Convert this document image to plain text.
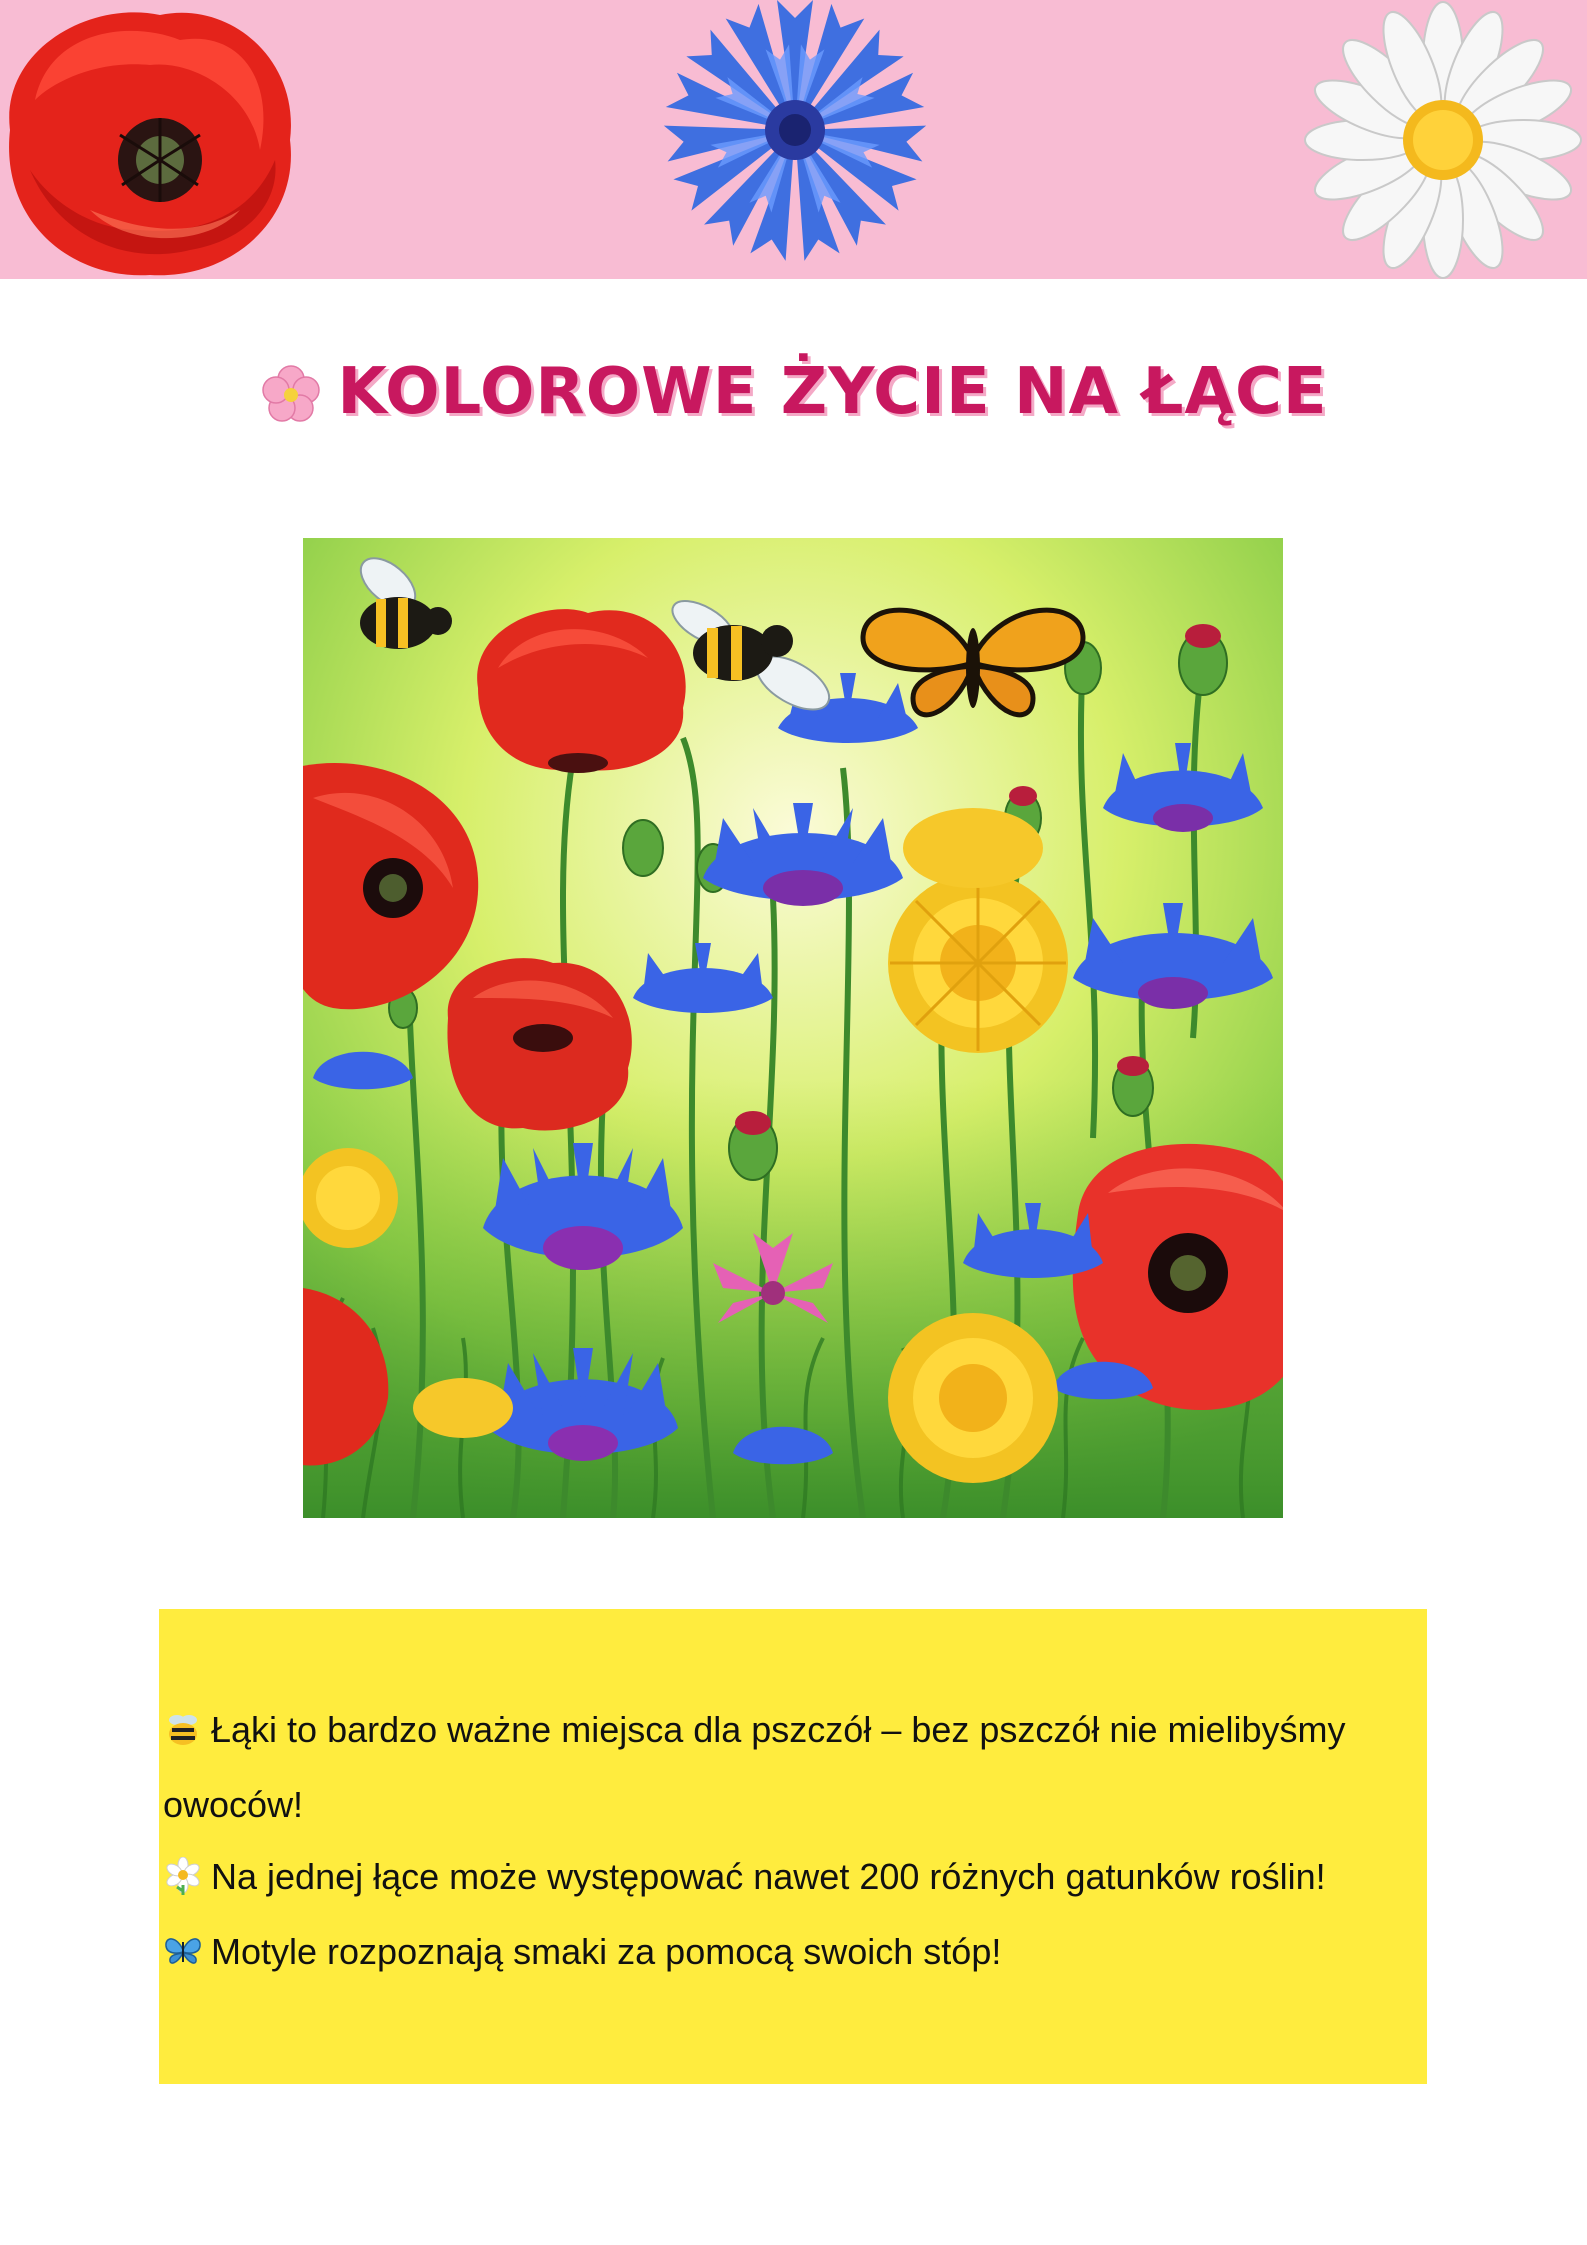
KOLOROWE ŻYCIE NA ŁĄCE
Łąki to bardzo ważne miejsca dla pszczół – bez pszczół nie mielibyśmy
owoców!
Na jednej łące może występować nawet 200 różnych gatunków roślin!
Motyle rozpoznają smaki za pomocą swoich stóp!
